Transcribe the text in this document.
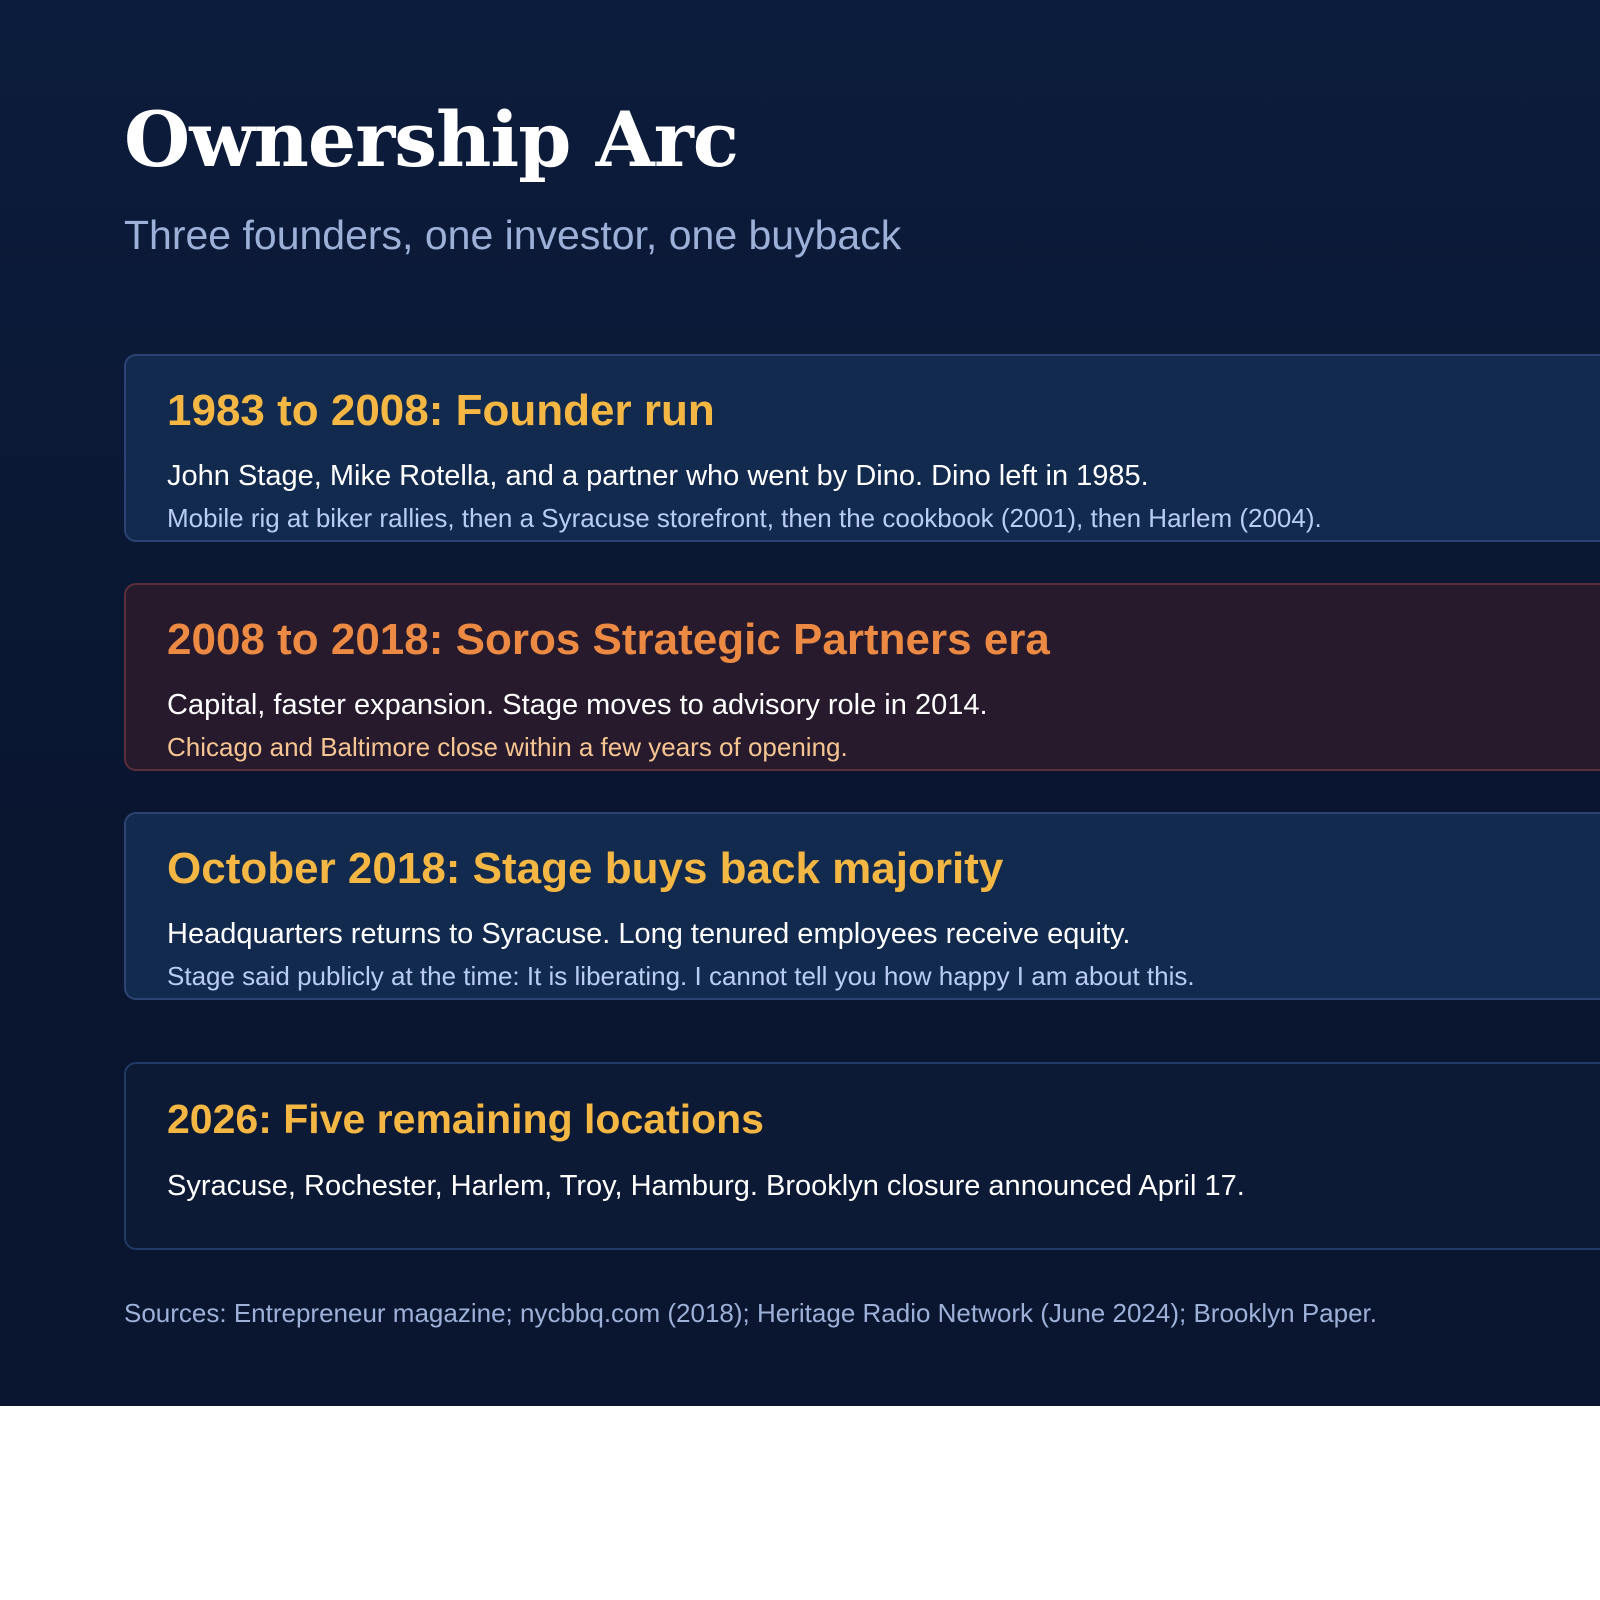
Ownership Arc

Three founders, one investor, one buyback

1983 to 2008: Founder run

John Stage, Mike Rotella, and a partner who went by Dino. Dino left in 1985.

Mobile rig at biker rallies, then a Syracuse storefront, then the cookbook (2001), then Harlem (2004).

2008 to 2018: Soros Strategic Partners era

Capital, faster expansion. Stage moves to advisory role in 2014.

Chicago and Baltimore close within a few years of opening.

October 2018: Stage buys back majority

Headquarters returns to Syracuse. Long tenured employees receive equity.

Stage said publicly at the time: It is liberating. I cannot tell you how happy I am about this.

2026: Five remaining locations

Syracuse, Rochester, Harlem, Troy, Hamburg. Brooklyn closure announced April 17.

Sources: Entrepreneur magazine; nycbbq.com (2018); Heritage Radio Network (June 2024); Brooklyn Paper.
